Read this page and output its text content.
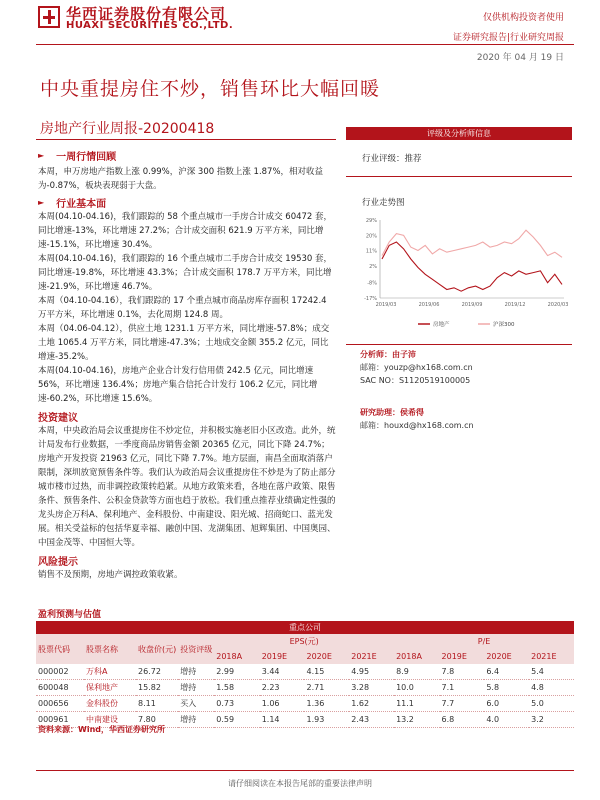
华西证券股份有限公司
HUAXI SECURITIES CO.,LTD.
仅供机构投资者使用
证券研究报告|行业研究周报
2020 年 04 月 19 日
中央重提房住不炒，销售环比大幅回暖
房地产行业周报-20200418
► 一周行情回顾

本周，申万房地产指数上涨 0.99%，沪深 300 指数上涨 1.87%，相对收益为-0.87%，板块表现弱于大盘。

► 行业基本面

本周(04.10-04.16)，我们跟踪的 58 个重点城市一手房合计成交 60472 套，同比增速-13%，环比增速 27.2%；合计成交面积 621.9 万平方米，同比增速-15.1%，环比增速 30.4%。

本周(04.10-04.16)，我们跟踪的 16 个重点城市二手房合计成交 19530 套，同比增速-19.8%，环比增速 43.3%；合计成交面积 178.7 万平方米，同比增速-21.9%，环比增速 46.7%。

本周（04.10-04.16），我们跟踪的 17 个重点城市商品房库存面积 17242.4 万平方米，环比增速 0.1%，去化周期 124.8 周。

本周（04.06-04.12），供应土地 1231.1 万平方米，同比增速-57.8%；成交土地 1065.4 万平方米，同比增速-47.3%；土地成交金额 355.2 亿元，同比增速-35.2%。

本周(04.10-04.16)，房地产企业合计发行信用债 242.5 亿元，同比增速 56%，环比增速 136.4%；房地产集合信托合计发行 106.2 亿元，同比增速-60.2%，环比增速 15.6%。

投资建议

本周，中央政治局会议重提房住不炒定位，并积极实施老旧小区改造。此外，统计局发布行业数据，一季度商品房销售金额 20365 亿元，同比下降 24.7%；房地产开发投资 21963 亿元，同比下降 7.7%。地方层面，南昌全面取消落户限制，深圳放宽预售条件等。我们认为政治局会议重提房住不炒是为了防止部分城市楼市过热，而非调控政策转趋紧。从地方政策来看，各地在落户政策、限售条件、预售条件、公积金贷款等方面也趋于放松。我们重点推荐业绩确定性强的龙头房企万科A、保利地产、金科股份、中南建设、阳光城、招商蛇口、蓝光发展。相关受益标的包括华夏幸福、融创中国、龙湖集团、旭辉集团、中国奥园、中国金茂等、中国恒大等。

风险提示

销售不及预期，房地产调控政策收紧。

评级及分析师信息
行业评级：推荐
行业走势图
29%
20%
11%
2%
-8%
-17%
2019/03	2019/06	2019/09	2019/12	2020/03
房地产	沪深300
分析师：由子沛
邮箱：youzp@hx168.com.cn
SAC NO：S1120519100005
研究助理：侯希得
邮箱：houxd@hx168.com.cn
盈利预测与估值
重点公司											
股票代码	股票名称	收盘价(元)	投资评级	EPS(元)				P/E			
				2018A	2019E	2020E	2021E	2018A	2019E	2020E	2021E
000002	万科A	26.72	增持	2.99	3.44	4.15	4.95	8.9	7.8	6.4	5.4
600048	保利地产	15.82	增持	1.58	2.23	2.71	3.28	10.0	7.1	5.8	4.8
000656	金科股份	8.11	买入	0.73	1.06	1.36	1.62	11.1	7.7	6.0	5.0
000961	中南建设	7.80	增持	0.59	1.14	1.93	2.43	13.2	6.8	4.0	3.2
资料来源：Wind，华西证券研究所
请仔细阅读在本报告尾部的重要法律声明
